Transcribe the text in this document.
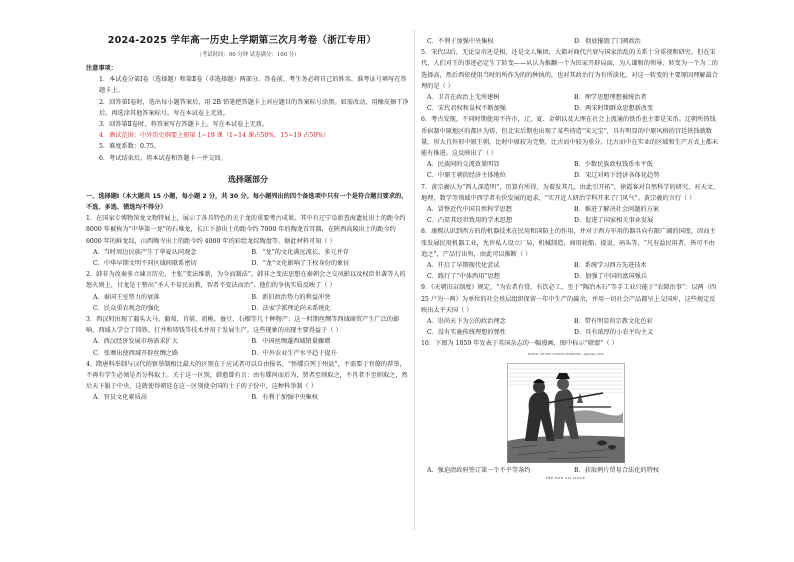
2024-2025 学年高一历史上学期第三次月考卷（浙江专用）
（考试时间：90 分钟 试卷满分：100 分）
注意事项：

1．本试卷分第Ⅰ卷（选择题）和第Ⅱ卷（非选择题）两部分。答卷前，考生务必将自己的姓名、准考证号填写在答题卡上。

2．回答第Ⅰ卷时，选出每小题答案后，用 2B 铅笔把答题卡上对应题目的答案标号涂黑。如需改动，用橡皮擦干净后，再选涂其他答案标号。写在本试卷上无效。

3．回答第Ⅱ卷时，将答案写在答题卡上。写在本试卷上无效。

4．测试范围：中外历史纲要上册第 1~19 课（1~14 课占50%，15~19 占50%）

5．难度系数：0.75。

6．考试结束后，将本试卷和答题卡一并交回。

选择题部分

一、选择题Ⅰ（本大题共 15 小题，每小题 2 分，共 30 分。每小题列出的四个备选项中只有一个是符合题目要求的，不选、多选、错选均不得分）

1．在国家专博物馆龙文物特展上，展示了各具特色的关于龙的重要考古成果。其中有辽宁阜新查海遗址出土的距今约 8000 年被称为“中华第一龙”的石堆龙，长江下游出土的距今约 7000 年的陶龙首耳器，在陕西高陵出土的距今约 6000 年的鲜龙纹，山西陶寺出土的距今约 4000 年的彩绘龙纹陶盘等。据此材料可知（ ）

A．当时周边民族产生了华夏认同观念	B．“龙”的文化满远流长、多元并存
C．中华早期文明不同区域间联系密切	D．“龙”文化影响了王权身份的象征

2．韩非为改秦多立谏言历史，主张“变法维新，为今而制法”，韩非之变法思想在秦朝会之交凤影以及权臣世袭等人的怒火则上，甘龙是于整出“圣人不易民而教，智者不变法而治”。他们的争执实质反映了（ ）

A．秦国王室势力的衰落	B．新旧政治势力的利益冲突
C．民众重农观念的强化	D．法家学派理论尚未系统化

3．西汉时出现了葡头大马、葡萄、苜蓿、胡桃、蚕豆、石榴等几十种物产；这一时期丝绸等西域商贸产生广泛的影响，西域人学会了铸铁、打井和铸钱等技术并用于发展生产。这些现象的出现主要得益于（ ）

A．西汉经济发展市场需求扩大	B．中国丝绸蓬西域销量骤增
C．张骞出使西域开辟丝绸之路	D．中外农业生产水平趋于提升

4．隋唐科举制与汉代的察举制相比最大的区别在于应试者可以自由报名，“怀牒自列于州县”，不需要于官僚的荐举，不再有学生必须是否分科取士。关于这一区别，韩愈曾有言：由有牒何而后为，贤者至则取之，不肖者不至则取之，然后天下服于中央，这就使得朝廷在这一区别使全国的士子的子份中，这种科举制（ ）

A．官员文化素质高	B．有利于加强中央集权
C．不利于加强中央集权	D．彻底摧毁了门阀政治

5．宋代以后，无论皇帝还是相，还是文人集团，大都对商代兴衰与国家治乱的关系十分重视和研究，但在宋代，人们对王的事迹必定生了转变——从认为推翻一个为匡家开辟局面，为人谦和的领导，转变为一个为二的选择高，然后西依使用当时的所作为的的种执的，也对其政治行为有所淡化，对这一转变的主要原因理解最合理的是（ ）

A．卫青在政治上无所建树	B．理学思想理想被统治者
C．宋代君权和皇权不断加强	D．两宋时期群众思想新改变

6．考古发现，不同时期使用不许市，辽、夏、金朝以及大理在社会上流通的铁币也主要是宋币。辽朝所铸钱币宿制中原地区的都区为铸，但北宋后期也出现了某些铸造“宋元宝”，具有明显的中原风格的宫廷铁钱就数量。形大且外形中原王朝，比时中原较为完整，比古而中较为重分，比古而中在实业的区域和生产方式上都未能有推进。这反映出了（ ）

A．民族间的交流效果明显	B．少数民族政权钱币水平低
C．中原王朝的经济主体地位	D．宋辽对峙下经济各体化趋势

7．黄宗羲认为“西人深造明”，历算有所得，为着发其几，由此引开拓”，徐霞客对自然科学的研究，对天文、地理、数学等领域中西学者有价发展的追求，“实开近人研治学科开来了门风气”。黄宗羲的言行（ ）

A．冒整近代中国自然科学思想	B．推进了解决社会问题的方案
C．凸显其经世致用的学术思想	D．促进了国家相关事业发展

8．康熙认识到西方的的机器技术在民用和国防上的作用，并对于西方军用的器具向有限广阔的国度。因而主张发展民用机器工业，允许私人设立厂局，机械制造、商用轮船、提说、码头等，“凡有益民用者，皆可不由追之”，产品行出售，由此可以推断（ ）

A．开启了早期现代化尝试	B．系统学习西方先进技术
C．践行了“中体西用”思想	D．加强了中国的富国强兵

9．《天朝田亩制度》规定，“为农者有赏，有饮必工，至于“陶冶木石”等手工业只能于“农隙治事”：以两（四 25 户为一两）为单位的社会基层组织保留一年中生产的赢余，并用一切社会产品都呈上交国库，这些规定反映出太平天国（ ）

A．崇尚天下为公的政治理念	B．带有明显的宗教文化色彩
C．没有实施传统理想的弹性	D．具有浓厚的小农平均主义

10．下图为 1859 年发表于英国杂志的一幅漫画，图中标示“联盟”（ ）

PUNCH, OR THE LONDON CHARIVARI.—Saturday 1859.
THE NEW ALLIANCE.
A．强迫清政府签订第一个不平等条约	B．获取鸦片贸易合法化的特权
